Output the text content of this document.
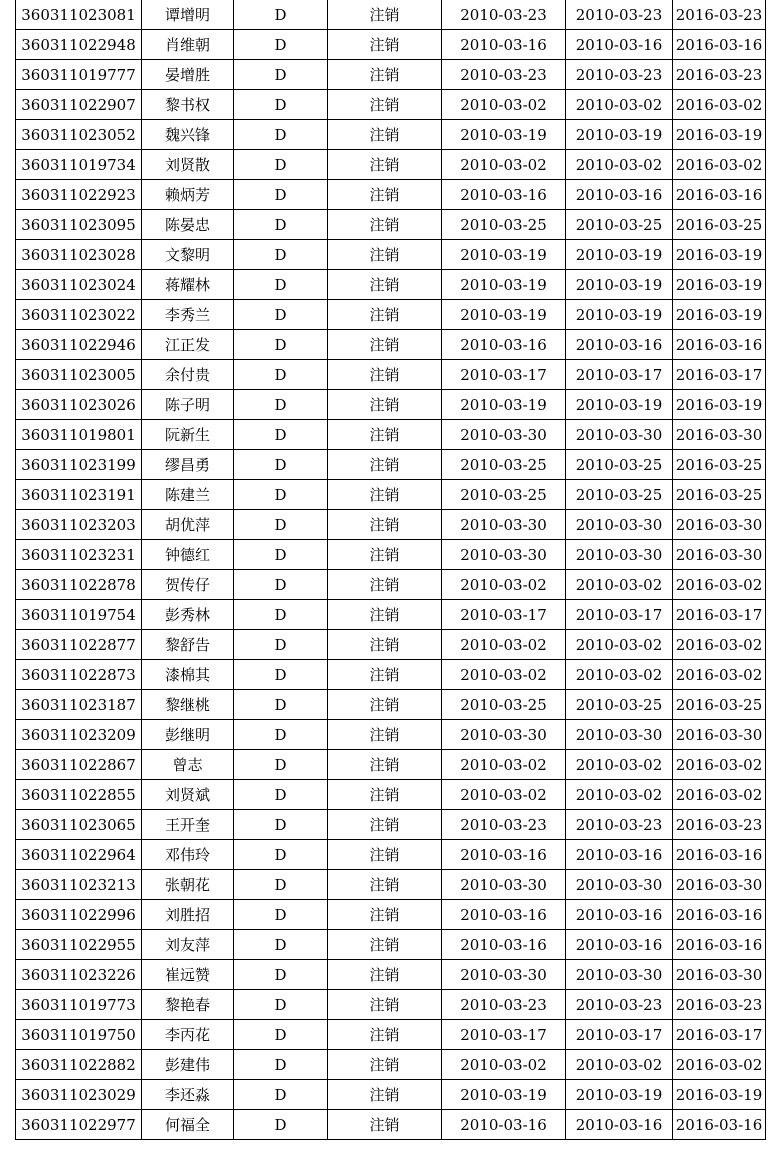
360311023081	谭增明	D	注销	2010-03-23	2010-03-23	2016-03-23
360311022948	肖维朝	D	注销	2010-03-16	2010-03-16	2016-03-16
360311019777	晏增胜	D	注销	2010-03-23	2010-03-23	2016-03-23
360311022907	黎书权	D	注销	2010-03-02	2010-03-02	2016-03-02
360311023052	魏兴锋	D	注销	2010-03-19	2010-03-19	2016-03-19
360311019734	刘贤散	D	注销	2010-03-02	2010-03-02	2016-03-02
360311022923	赖炳芳	D	注销	2010-03-16	2010-03-16	2016-03-16
360311023095	陈晏忠	D	注销	2010-03-25	2010-03-25	2016-03-25
360311023028	文黎明	D	注销	2010-03-19	2010-03-19	2016-03-19
360311023024	蒋耀林	D	注销	2010-03-19	2010-03-19	2016-03-19
360311023022	李秀兰	D	注销	2010-03-19	2010-03-19	2016-03-19
360311022946	江正发	D	注销	2010-03-16	2010-03-16	2016-03-16
360311023005	余付贵	D	注销	2010-03-17	2010-03-17	2016-03-17
360311023026	陈子明	D	注销	2010-03-19	2010-03-19	2016-03-19
360311019801	阮新生	D	注销	2010-03-30	2010-03-30	2016-03-30
360311023199	缪昌勇	D	注销	2010-03-25	2010-03-25	2016-03-25
360311023191	陈建兰	D	注销	2010-03-25	2010-03-25	2016-03-25
360311023203	胡优萍	D	注销	2010-03-30	2010-03-30	2016-03-30
360311023231	钟德红	D	注销	2010-03-30	2010-03-30	2016-03-30
360311022878	贺传仔	D	注销	2010-03-02	2010-03-02	2016-03-02
360311019754	彭秀林	D	注销	2010-03-17	2010-03-17	2016-03-17
360311022877	黎舒告	D	注销	2010-03-02	2010-03-02	2016-03-02
360311022873	漆棉其	D	注销	2010-03-02	2010-03-02	2016-03-02
360311023187	黎继桃	D	注销	2010-03-25	2010-03-25	2016-03-25
360311023209	彭继明	D	注销	2010-03-30	2010-03-30	2016-03-30
360311022867	曾志	D	注销	2010-03-02	2010-03-02	2016-03-02
360311022855	刘贤斌	D	注销	2010-03-02	2010-03-02	2016-03-02
360311023065	王开奎	D	注销	2010-03-23	2010-03-23	2016-03-23
360311022964	邓伟玲	D	注销	2010-03-16	2010-03-16	2016-03-16
360311023213	张朝花	D	注销	2010-03-30	2010-03-30	2016-03-30
360311022996	刘胜招	D	注销	2010-03-16	2010-03-16	2016-03-16
360311022955	刘友萍	D	注销	2010-03-16	2010-03-16	2016-03-16
360311023226	崔远赞	D	注销	2010-03-30	2010-03-30	2016-03-30
360311019773	黎艳春	D	注销	2010-03-23	2010-03-23	2016-03-23
360311019750	李丙花	D	注销	2010-03-17	2010-03-17	2016-03-17
360311022882	彭建伟	D	注销	2010-03-02	2010-03-02	2016-03-02
360311023029	李还淼	D	注销	2010-03-19	2010-03-19	2016-03-19
360311022977	何福全	D	注销	2010-03-16	2010-03-16	2016-03-16
